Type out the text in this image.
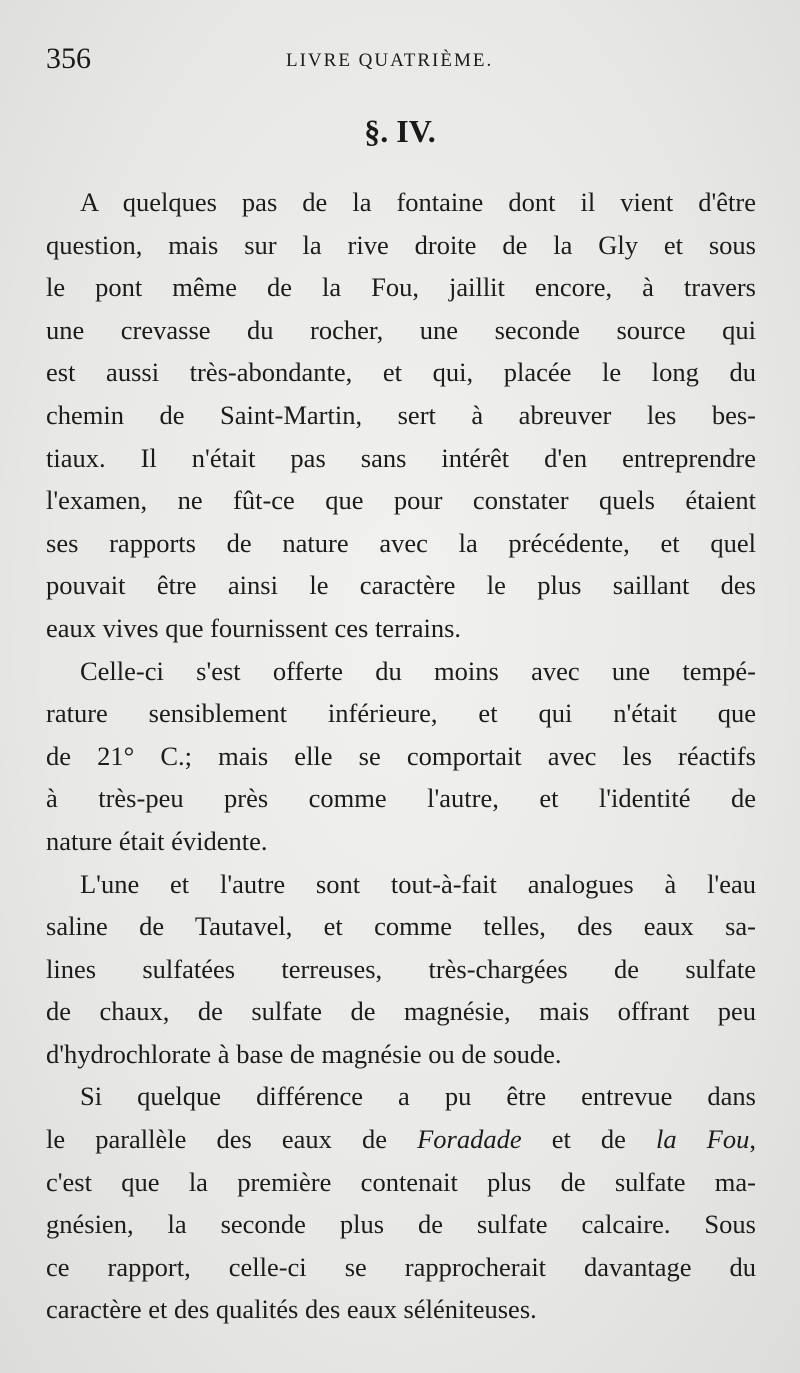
356	LIVRE QUATRIÈME.
§. IV.

A quelques pas de la fontaine dont il vient d'être
question, mais sur la rive droite de la Gly et sous
le pont même de la Fou, jaillit encore, à travers
une crevasse du rocher, une seconde source qui
est aussi très-abondante, et qui, placée le long du
chemin de Saint-Martin, sert à abreuver les bes-
tiaux. Il n'était pas sans intérêt d'en entreprendre
l'examen, ne fût-ce que pour constater quels étaient
ses rapports de nature avec la précédente, et quel
pouvait être ainsi le caractère le plus saillant des
eaux vives que fournissent ces terrains.

Celle-ci s'est offerte du moins avec une tempé-
rature sensiblement inférieure, et qui n'était que
de 21° C.; mais elle se comportait avec les réactifs
à très-peu près comme l'autre, et l'identité de
nature était évidente.

L'une et l'autre sont tout-à-fait analogues à l'eau
saline de Tautavel, et comme telles, des eaux sa-
lines sulfatées terreuses, très-chargées de sulfate
de chaux, de sulfate de magnésie, mais offrant peu
d'hydrochlorate à base de magnésie ou de soude.

Si quelque différence a pu être entrevue dans
le parallèle des eaux de Foradade et de la Fou,
c'est que la première contenait plus de sulfate ma-
gnésien, la seconde plus de sulfate calcaire. Sous
ce rapport, celle-ci se rapprocherait davantage du
caractère et des qualités des eaux séléniteuses.
